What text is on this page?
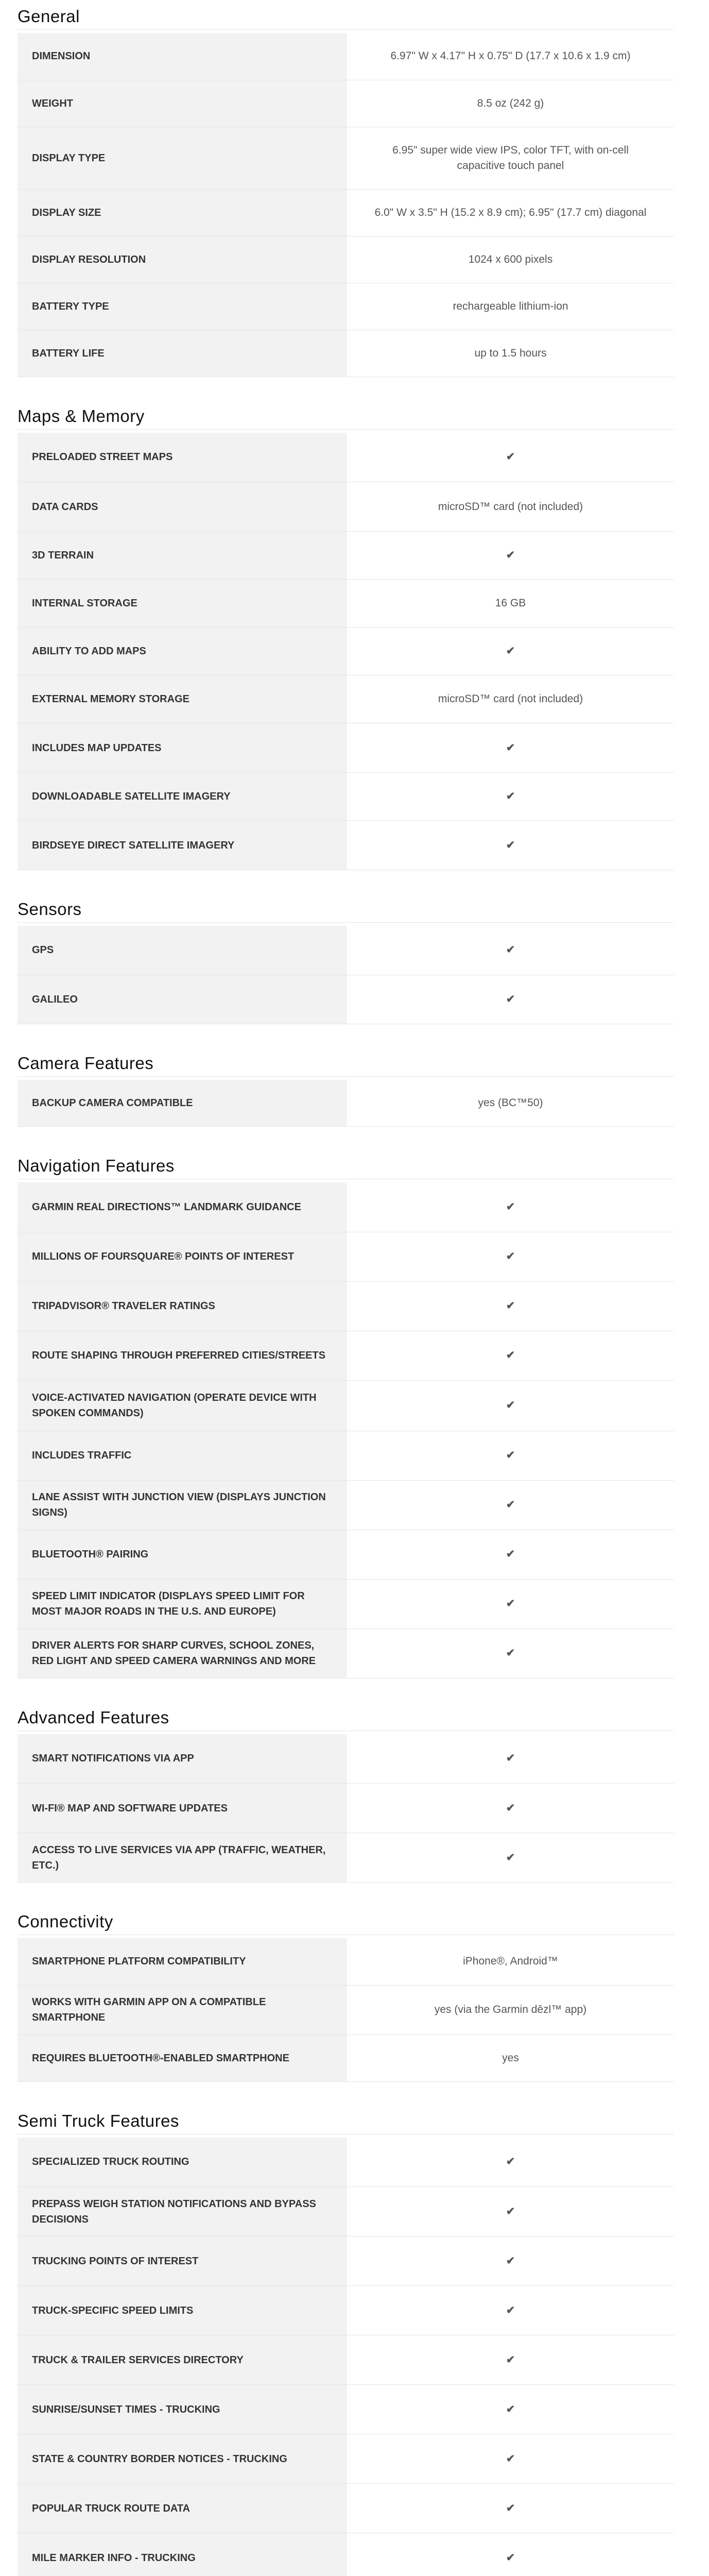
General
DIMENSION	6.97" W x 4.17" H x 0.75" D (17.7 x 10.6 x 1.9 cm)
WEIGHT	8.5 oz (242 g)
DISPLAY TYPE	6.95" super wide view IPS, color TFT, with on-cell capacitive touch panel
DISPLAY SIZE	6.0" W x 3.5" H (15.2 x 8.9 cm); 6.95" (17.7 cm) diagonal
DISPLAY RESOLUTION	1024 x 600 pixels
BATTERY TYPE	rechargeable lithium-ion
BATTERY LIFE	up to 1.5 hours
Maps & Memory
PRELOADED STREET MAPS	✔
DATA CARDS	microSD™ card (not included)
3D TERRAIN	✔
INTERNAL STORAGE	16 GB
ABILITY TO ADD MAPS	✔
EXTERNAL MEMORY STORAGE	microSD™ card (not included)
INCLUDES MAP UPDATES	✔
DOWNLOADABLE SATELLITE IMAGERY	✔
BIRDSEYE DIRECT SATELLITE IMAGERY	✔
Sensors
GPS	✔
GALILEO	✔
Camera Features
BACKUP CAMERA COMPATIBLE	yes (BC™50)
Navigation Features
GARMIN REAL DIRECTIONS™ LANDMARK GUIDANCE	✔
MILLIONS OF FOURSQUARE® POINTS OF INTEREST	✔
TRIPADVISOR® TRAVELER RATINGS	✔
ROUTE SHAPING THROUGH PREFERRED CITIES/STREETS	✔
VOICE-ACTIVATED NAVIGATION (OPERATE DEVICE WITH SPOKEN COMMANDS)	✔
INCLUDES TRAFFIC	✔
LANE ASSIST WITH JUNCTION VIEW (DISPLAYS JUNCTION SIGNS)	✔
BLUETOOTH® PAIRING	✔
SPEED LIMIT INDICATOR (DISPLAYS SPEED LIMIT FOR MOST MAJOR ROADS IN THE U.S. AND EUROPE)	✔
DRIVER ALERTS FOR SHARP CURVES, SCHOOL ZONES, RED LIGHT AND SPEED CAMERA WARNINGS AND MORE	✔
Advanced Features
SMART NOTIFICATIONS VIA APP	✔
WI-FI® MAP AND SOFTWARE UPDATES	✔
ACCESS TO LIVE SERVICES VIA APP (TRAFFIC, WEATHER, ETC.)	✔
Connectivity
SMARTPHONE PLATFORM COMPATIBILITY	iPhone®, Android™
WORKS WITH GARMIN APP ON A COMPATIBLE SMARTPHONE	yes (via the Garmin dēzl™ app)
REQUIRES BLUETOOTH®-ENABLED SMARTPHONE	yes
Semi Truck Features
SPECIALIZED TRUCK ROUTING	✔
PREPASS WEIGH STATION NOTIFICATIONS AND BYPASS DECISIONS	✔
TRUCKING POINTS OF INTEREST	✔
TRUCK-SPECIFIC SPEED LIMITS	✔
TRUCK & TRAILER SERVICES DIRECTORY	✔
SUNRISE/SUNSET TIMES - TRUCKING	✔
STATE & COUNTRY BORDER NOTICES - TRUCKING	✔
POPULAR TRUCK ROUTE DATA	✔
MILE MARKER INFO - TRUCKING	✔
